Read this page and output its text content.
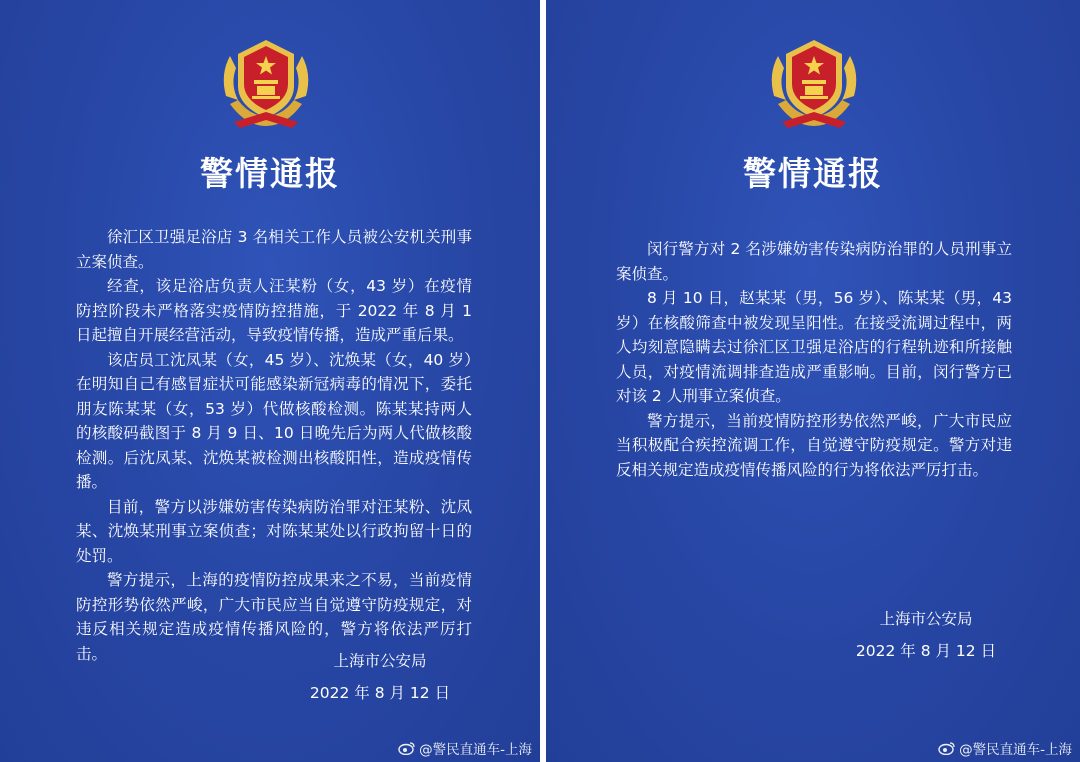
警情通报

徐汇区卫强足浴店 3 名相关工作人员被公安机关刑事立案侦查。

经查，该足浴店负责人汪某粉（女，43 岁）在疫情防控阶段未严格落实疫情防控措施，于 2022 年 8 月 1 日起擅自开展经营活动，导致疫情传播，造成严重后果。

该店员工沈凤某（女，45 岁）、沈焕某（女，40 岁）在明知自己有感冒症状可能感染新冠病毒的情况下，委托朋友陈某某（女，53 岁）代做核酸检测。陈某某持两人的核酸码截图于 8 月 9 日、10 日晚先后为两人代做核酸检测。后沈凤某、沈焕某被检测出核酸阳性，造成疫情传播。

目前，警方以涉嫌妨害传染病防治罪对汪某粉、沈凤某、沈焕某刑事立案侦查；对陈某某处以行政拘留十日的处罚。

警方提示，上海的疫情防控成果来之不易，当前疫情防控形势依然严峻，广大市民应当自觉遵守防疫规定，对违反相关规定造成疫情传播风险的，警方将依法严厉打击。	上海市公安局
2022 年 8 月 12 日
@警民直通车-上海
警情通报

闵行警方对 2 名涉嫌妨害传染病防治罪的人员刑事立案侦查。

8 月 10 日，赵某某（男，56 岁）、陈某某（男，43 岁）在核酸筛查中被发现呈阳性。在接受流调过程中，两人均刻意隐瞒去过徐汇区卫强足浴店的行程轨迹和所接触人员，对疫情流调排查造成严重影响。目前，闵行警方已对该 2 人刑事立案侦查。

警方提示，当前疫情防控形势依然严峻，广大市民应当积极配合疾控流调工作，自觉遵守防疫规定。警方对违反相关规定造成疫情传播风险的行为将依法严厉打击。

上海市公安局
2022 年 8 月 12 日
@警民直通车-上海
